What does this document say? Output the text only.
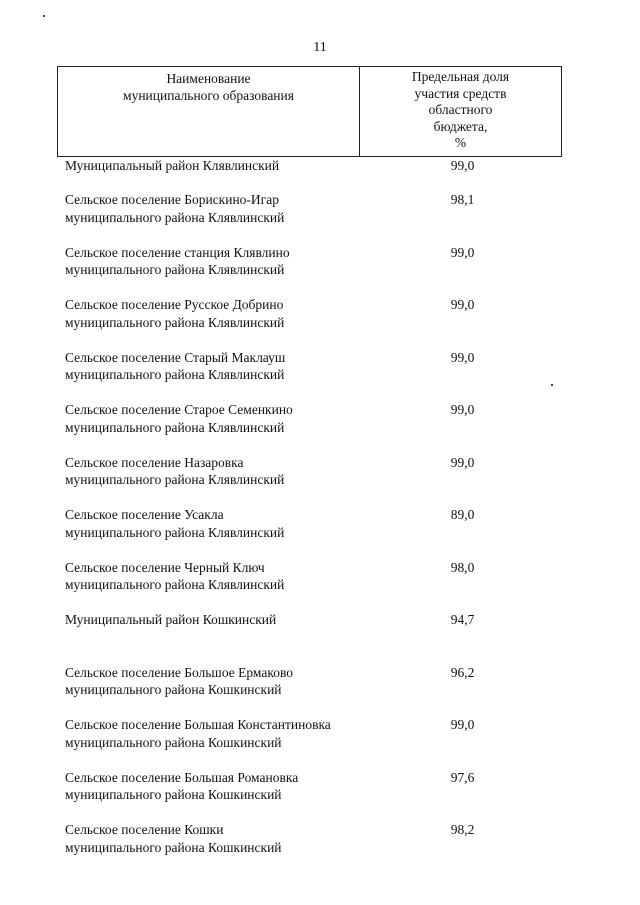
11
Наименование
муниципального образования
Предельная доля
участия средств
областного
бюджета,
%
Муниципальный район Клявлинский	99,0
Сельское поселение Борискино-Игар
муниципального района Клявлинский
98,1
Сельское поселение станция Клявлино
муниципального района Клявлинский
99,0
Сельское поселение Русское Добрино
муниципального района Клявлинский
99,0
Сельское поселение Старый Маклауш
муниципального района Клявлинский
99,0
Сельское поселение Старое Семенкино
муниципального района Клявлинский
99,0
Сельское поселение Назаровка
муниципального района Клявлинский
99,0
Сельское поселение Усакла
муниципального района Клявлинский
89,0
Сельское поселение Черный Ключ
муниципального района Клявлинский
98,0
Муниципальный район Кошкинский	94,7
Сельское поселение Большое Ермаково
муниципального района Кошкинский
96,2
Сельское поселение Большая Константиновка
муниципального района Кошкинский
99,0
Сельское поселение Большая Романовка
муниципального района Кошкинский
97,6
Сельское поселение Кошки
муниципального района Кошкинский
98,2
